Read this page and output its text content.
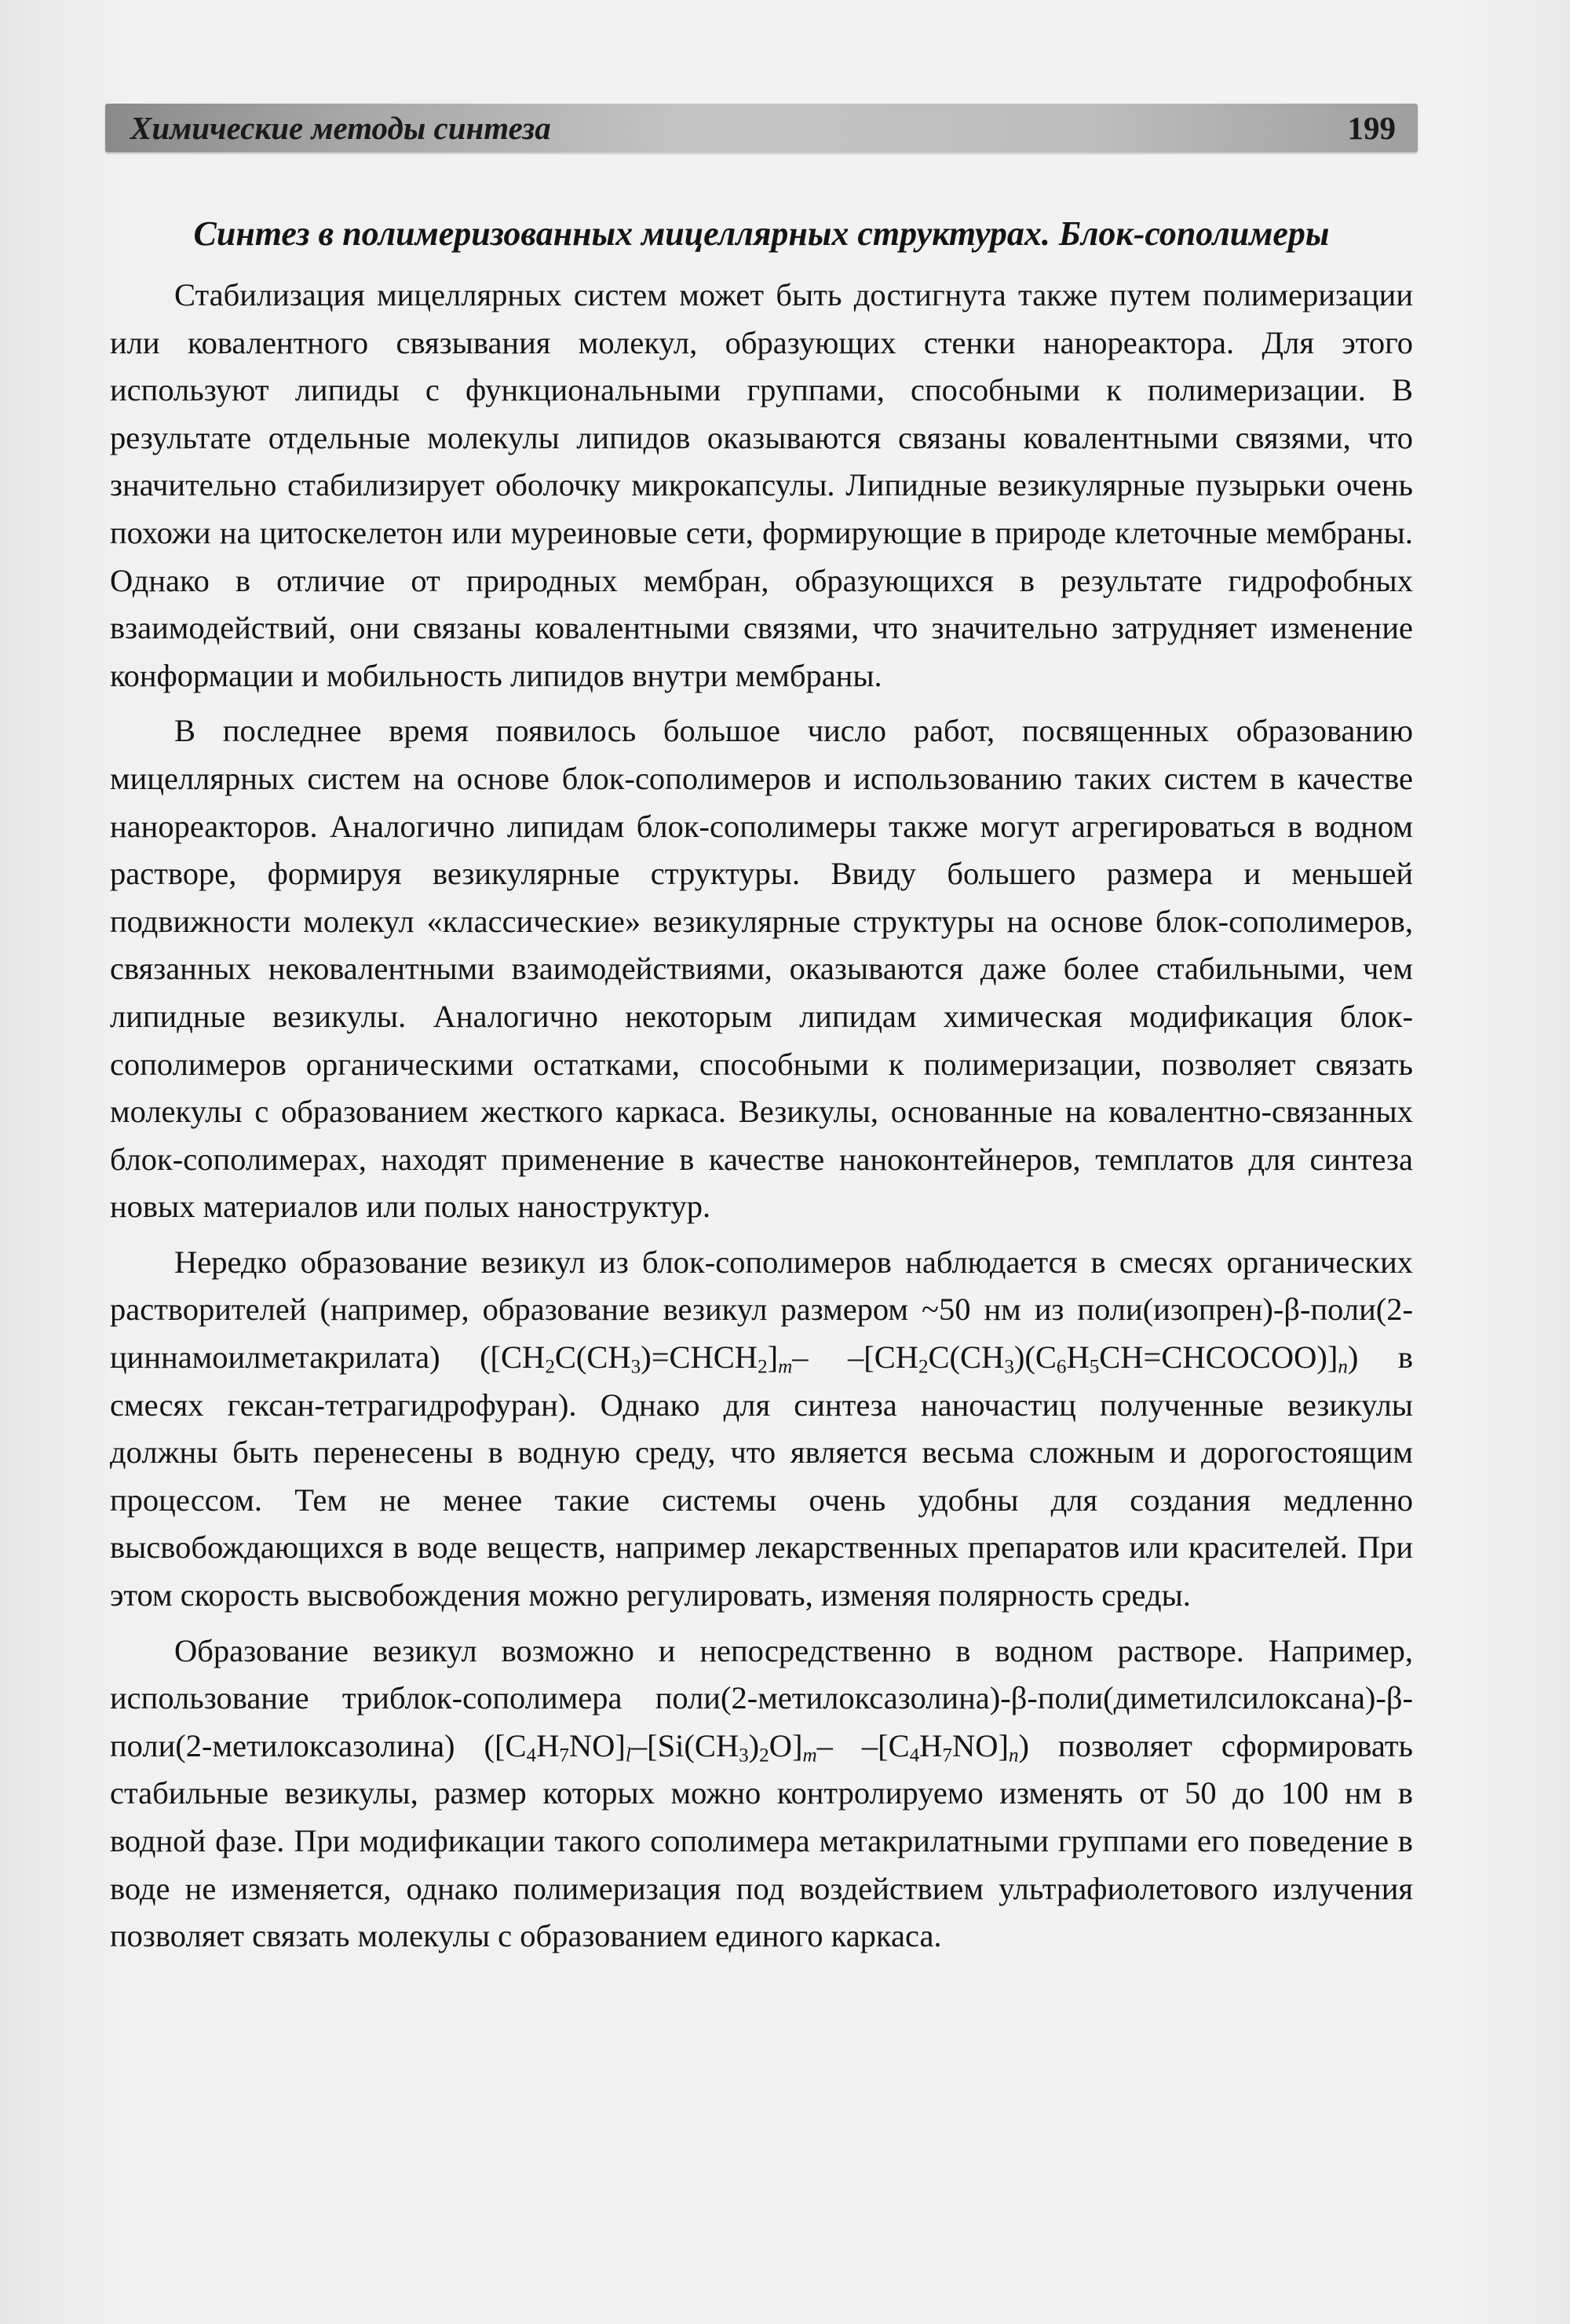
Химические методы синтеза	199
Синтез в полимеризованных мицеллярных структурах. Блок-сополимеры

Стабилизация мицеллярных систем может быть достигнута также путем полимеризации или ковалентного связывания молекул, образующих стенки нанореактора. Для этого используют липиды с функциональными группами, способными к полимеризации. В результате отдельные молекулы липидов оказываются связаны ковалентными связями, что значительно стабилизирует оболочку микрокапсулы. Липидные везикулярные пузырьки очень похожи на цитоскелетон или муреиновые сети, формирующие в природе клеточные мембраны. Однако в отличие от природных мембран, образующихся в результате гидрофобных взаимодействий, они связаны ковалентными связями, что значительно затрудняет изменение конформации и мобильность липидов внутри мембраны.

В последнее время появилось большое число работ, посвященных образованию мицеллярных систем на основе блок-сополимеров и использованию таких систем в качестве нанореакторов. Аналогично липидам блок-сополимеры также могут агрегироваться в водном растворе, формируя везикулярные структуры. Ввиду большего размера и меньшей подвижности молекул «классические» везикулярные структуры на основе блок-сополимеров, связанных нековалентными взаимодействиями, оказываются даже более стабильными, чем липидные везикулы. Аналогично некоторым липидам химическая модификация блок-сополимеров органическими остатками, способными к полимеризации, позволяет связать молекулы с образованием жесткого каркаса. Везикулы, основанные на ковалентно-связанных блок-сополимерах, находят применение в качестве наноконтейнеров, темплатов для синтеза новых материалов или полых наноструктур.

Нередко образование везикул из блок-сополимеров наблюдается в смесях органических растворителей (например, образование везикул размером ~50 нм из поли(изопрен)-β-поли(2-циннамоилметакрилата) ($[CH_2C(CH_3)=CHCH_2]_m-$ $-[CH_2C(CH_3)(C_6H_5CH=CHCOCOO)]_n$) в смесях гексан-тетрагидрофуран). Однако для синтеза наночастиц полученные везикулы должны быть перенесены в водную среду, что является весьма сложным и дорогостоящим процессом. Тем не менее такие системы очень удобны для создания медленно высвобождающихся в воде веществ, например лекарственных препаратов или красителей. При этом скорость высвобождения можно регулировать, изменяя полярность среды.

Образование везикул возможно и непосредственно в водном растворе. Например, использование триблок-сополимера поли(2-метилоксазолина)-β-поли(диметилсилоксана)-β-поли(2-метилоксазолина) ($[C_4H_7NO]_l-[Si(CH_3)_2O]_m-$ $-[C_4H_7NO]_n$) позволяет сформировать стабильные везикулы, размер которых можно контролируемо изменять от 50 до 100 нм в водной фазе. При модификации такого сополимера метакрилатными группами его поведение в воде не изменяется, однако полимеризация под воздействием ультрафиолетового излучения позволяет связать молекулы с образованием единого каркаса.
